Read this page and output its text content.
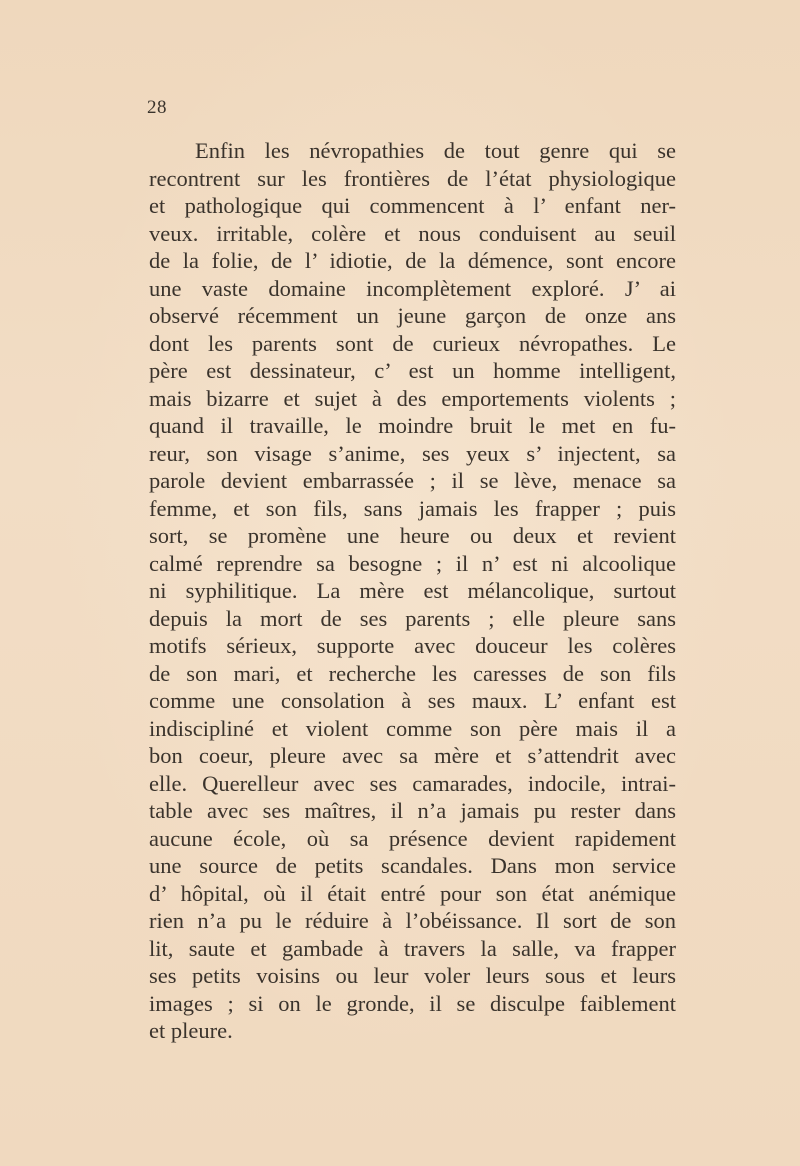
28
Enfin les névropathies de tout genre qui se
recontrent sur les frontières de l’état physiologique
et pathologique qui commencent à l’ enfant ner-
veux. irritable, colère et nous conduisent au seuil
de la folie, de l’ idiotie, de la démence, sont encore
une vaste domaine incomplètement exploré. J’ ai
observé récemment un jeune garçon de onze ans
dont les parents sont de curieux névropathes. Le
père est dessinateur, c’ est un homme intelligent,
mais bizarre et sujet à des emportements violents ;
quand il travaille, le moindre bruit le met en fu-
reur, son visage s’anime, ses yeux s’ injectent, sa
parole devient embarrassée ; il se lève, menace sa
femme, et son fils, sans jamais les frapper ; puis
sort, se promène une heure ou deux et revient
calmé reprendre sa besogne ; il n’ est ni alcoolique
ni syphilitique. La mère est mélancolique, surtout
depuis la mort de ses parents ; elle pleure sans
motifs sérieux, supporte avec douceur les colères
de son mari, et recherche les caresses de son fils
comme une consolation à ses maux. L’ enfant est
indiscipliné et violent comme son père mais il a
bon coeur, pleure avec sa mère et s’attendrit avec
elle. Querelleur avec ses camarades, indocile, intrai-
table avec ses maîtres, il n’a jamais pu rester dans
aucune école, où sa présence devient rapidement
une source de petits scandales. Dans mon service
d’ hôpital, où il était entré pour son état anémique
rien n’a pu le réduire à l’obéissance. Il sort de son
lit, saute et gambade à travers la salle, va frapper
ses petits voisins ou leur voler leurs sous et leurs
images ; si on le gronde, il se disculpe faiblement
et pleure.
